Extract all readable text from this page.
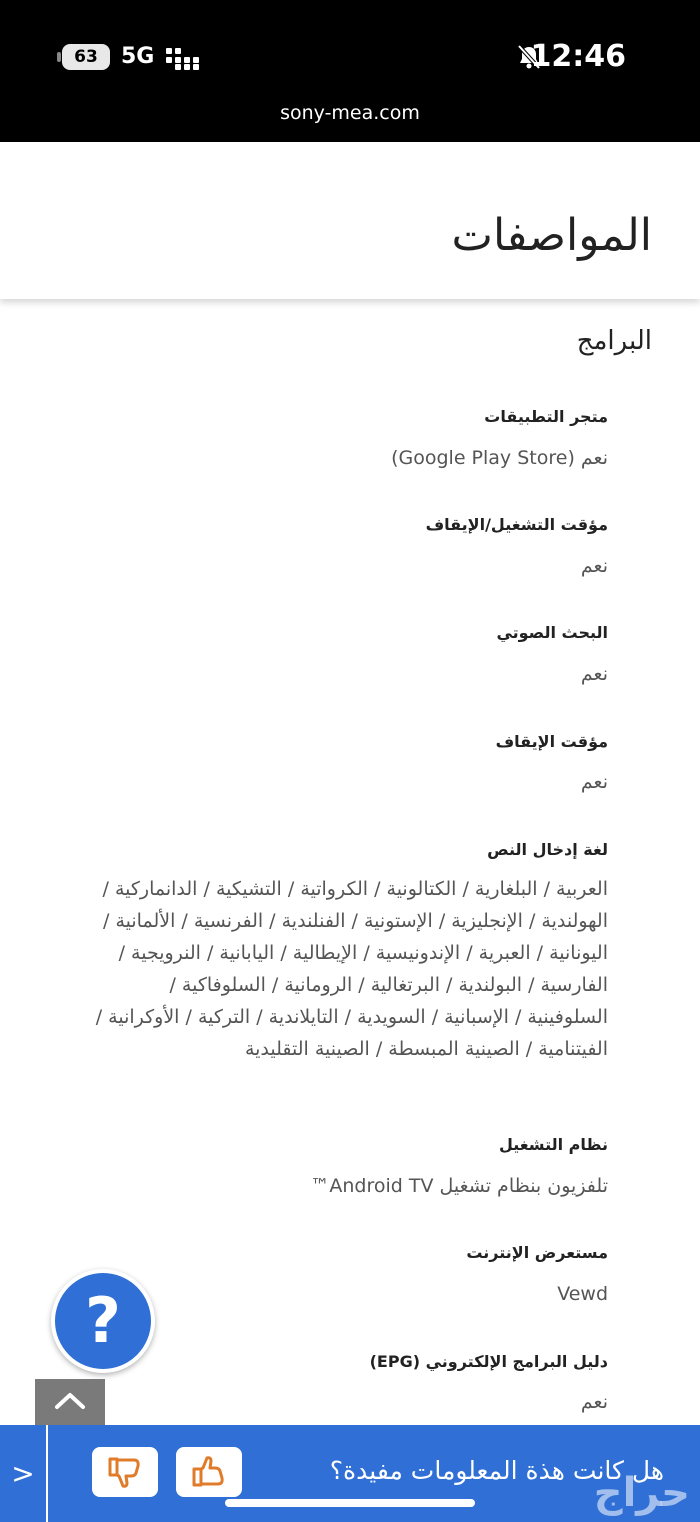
63	5G	12:46
sony-mea.com
المواصفات
البرامج
متجر التطبيقات
نعم (Google Play Store)
مؤقت التشغيل/الإيقاف
نعم
البحث الصوتي
نعم
مؤقت الإيقاف
نعم
لغة إدخال النص
العربية / البلغارية / الكتالونية / الكرواتية / التشيكية / الدانماركية / الهولندية / الإنجليزية / الإستونية / الفنلندية / الفرنسية / الألمانية / اليونانية / العبرية / الإندونيسية / الإيطالية / اليابانية / النرويجية / الفارسية / البولندية / البرتغالية / الرومانية / السلوفاكية / السلوفينية / الإسبانية / السويدية / التايلاندية / التركية / الأوكرانية / الفيتنامية / الصينية المبسطة / الصينية التقليدية
نظام التشغيل
تلفزيون بنظام تشغيل Android TV™
مستعرض الإنترنت
Vewd
دليل البرامج الإلكتروني (EPG)
نعم
?
>	هل كانت هذة المعلومات مفيدة؟
حراج
